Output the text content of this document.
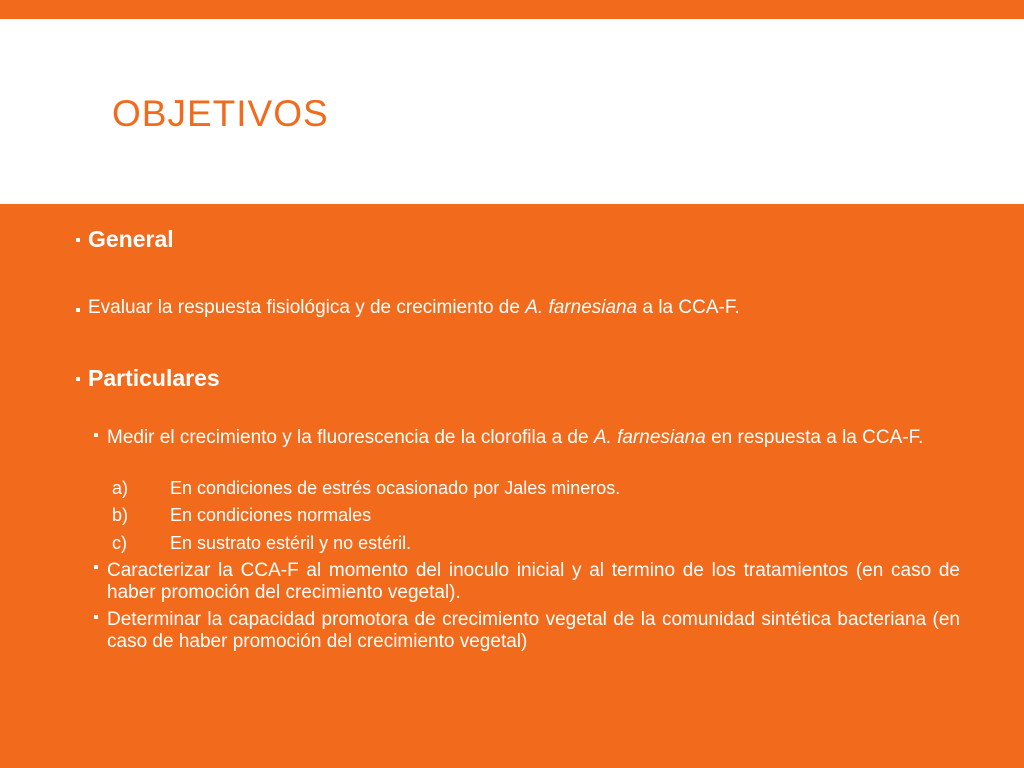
OBJETIVOS
General
Evaluar la respuesta fisiológica y de crecimiento de A. farnesiana a la CCA-F.
Particulares
Medir el crecimiento y la fluorescencia de la clorofila a de A. farnesiana en respuesta a la CCA-F.
a) En condiciones de estrés ocasionado por Jales mineros.
b) En condiciones normales
c) En sustrato estéril y no estéril.
Caracterizar la CCA-F al momento del inoculo inicial y al termino de los tratamientos (en caso de haber promoción del crecimiento vegetal).
Determinar la capacidad promotora de crecimiento vegetal de la comunidad sintética bacteriana (en caso de haber promoción del crecimiento vegetal)
